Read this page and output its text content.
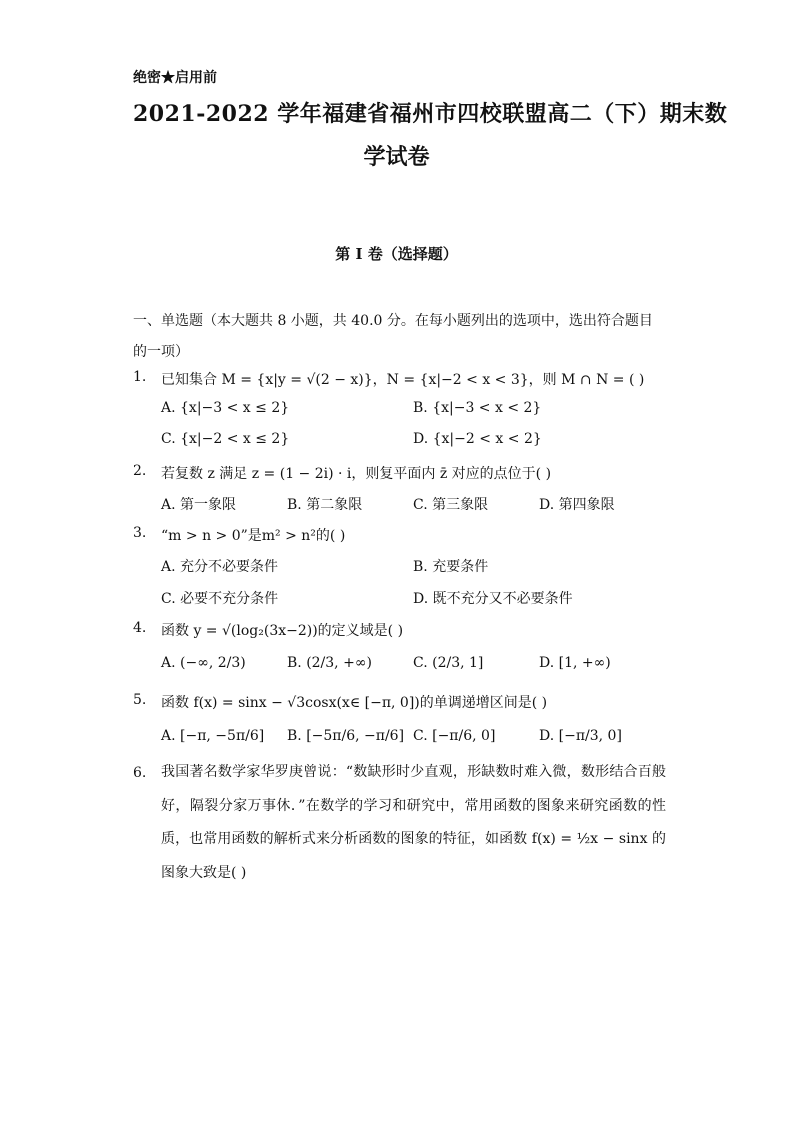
绝密★启用前
2021-2022 学年福建省福州市四校联盟高二（下）期末数
学试卷
第 I 卷（选择题）
一、单选题（本大题共 8 小题，共 40.0 分。在每小题列出的选项中，选出符合题目的一项）
1. 已知集合 M = {x|y = √(2 − x)}，N = {x|−2 < x < 3}，则 M ∩ N = ( )
A. {x|−3 < x ≤ 2}	B. {x|−3 < x < 2}
C. {x|−2 < x ≤ 2}	D. {x|−2 < x < 2}
2. 若复数 z 满足 z = (1 − 2i) · i，则复平面内 z̄ 对应的点位于( )
A. 第一象限	B. 第二象限	C. 第三象限	D. 第四象限
3. “m > n > 0”是m² > n²的( )
A. 充分不必要条件	B. 充要条件
C. 必要不充分条件	D. 既不充分又不必要条件
4. 函数 y = √(log₂(3x−2))的定义域是( )
A. (−∞, 2/3)	B. (2/3, +∞)	C. (2/3, 1]	D. [1, +∞)
5. 函数 f(x) = sinx − √3cosx(x∈ [−π, 0])的单调递增区间是( )
A. [−π, −5π/6] B. [−5π/6, −π/6] C. [−π/6, 0]	D. [−π/3, 0]
6. 我国著名数学家华罗庚曾说：“数缺形时少直观，形缺数时难入微，数形结合百般好，隔裂分家万事休．”在数学的学习和研究中，常用函数的图象来研究函数的性质，也常用函数的解析式来分析函数的图象的特征，如函数 f(x) = ½x − sinx 的图象大致是( )
